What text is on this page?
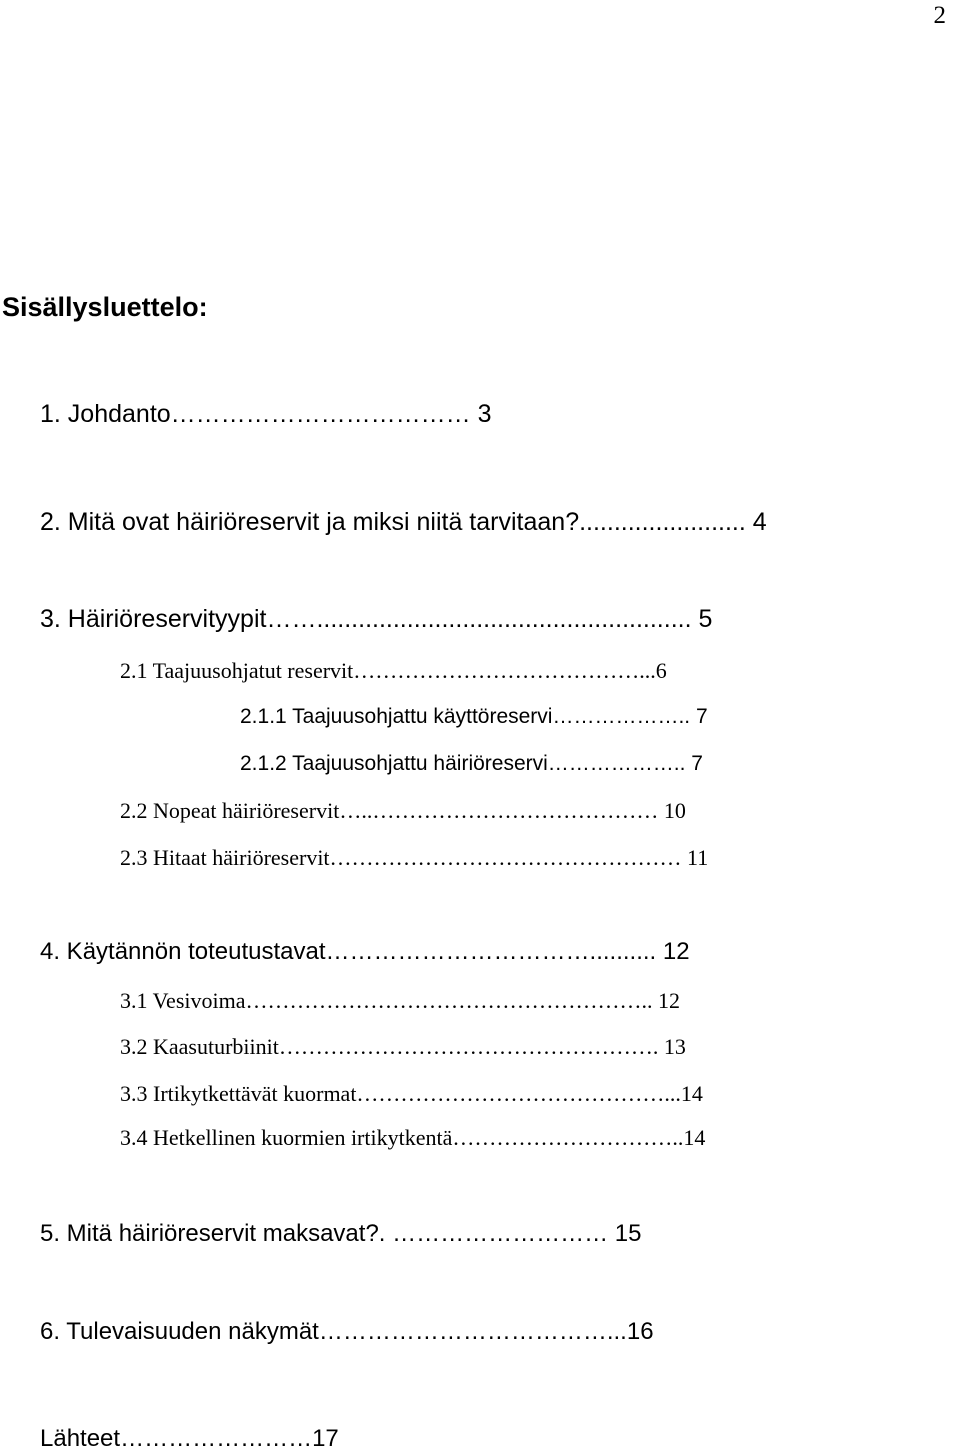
2
Sisällysluettelo:
1. Johdanto……………………………… 3
2. Mitä ovat häiriöreservit ja miksi niitä tarvitaan?........................ 4
3. Häiriöreservityypit……...................................................... 5
2.1 Taajuusohjatut reservit…………………………………...6
2.1.1 Taajuusohjattu käyttöreservi……………….. 7
2.1.2 Taajuusohjattu häiriöreservi……………….. 7
2.2 Nopeat häiriöreservit…..………………………………… 10
2.3 Hitaat häiriöreservit………………………………………… 11
4. Käytännön toteutustavat…………………………….......... 12
3.1 Vesivoima……………………………………………….. 12
3.2 Kaasuturbiinit……………………………………………. 13
3.3 Irtikytkettävät kuormat……………………………………...14
3.4 Hetkellinen kuormien irtikytkentä…………………………..14
5. Mitä häiriöreservit maksavat?. ……………………… 15
6. Tulevaisuuden näkymät………………………………...16
Lähteet……………………17
